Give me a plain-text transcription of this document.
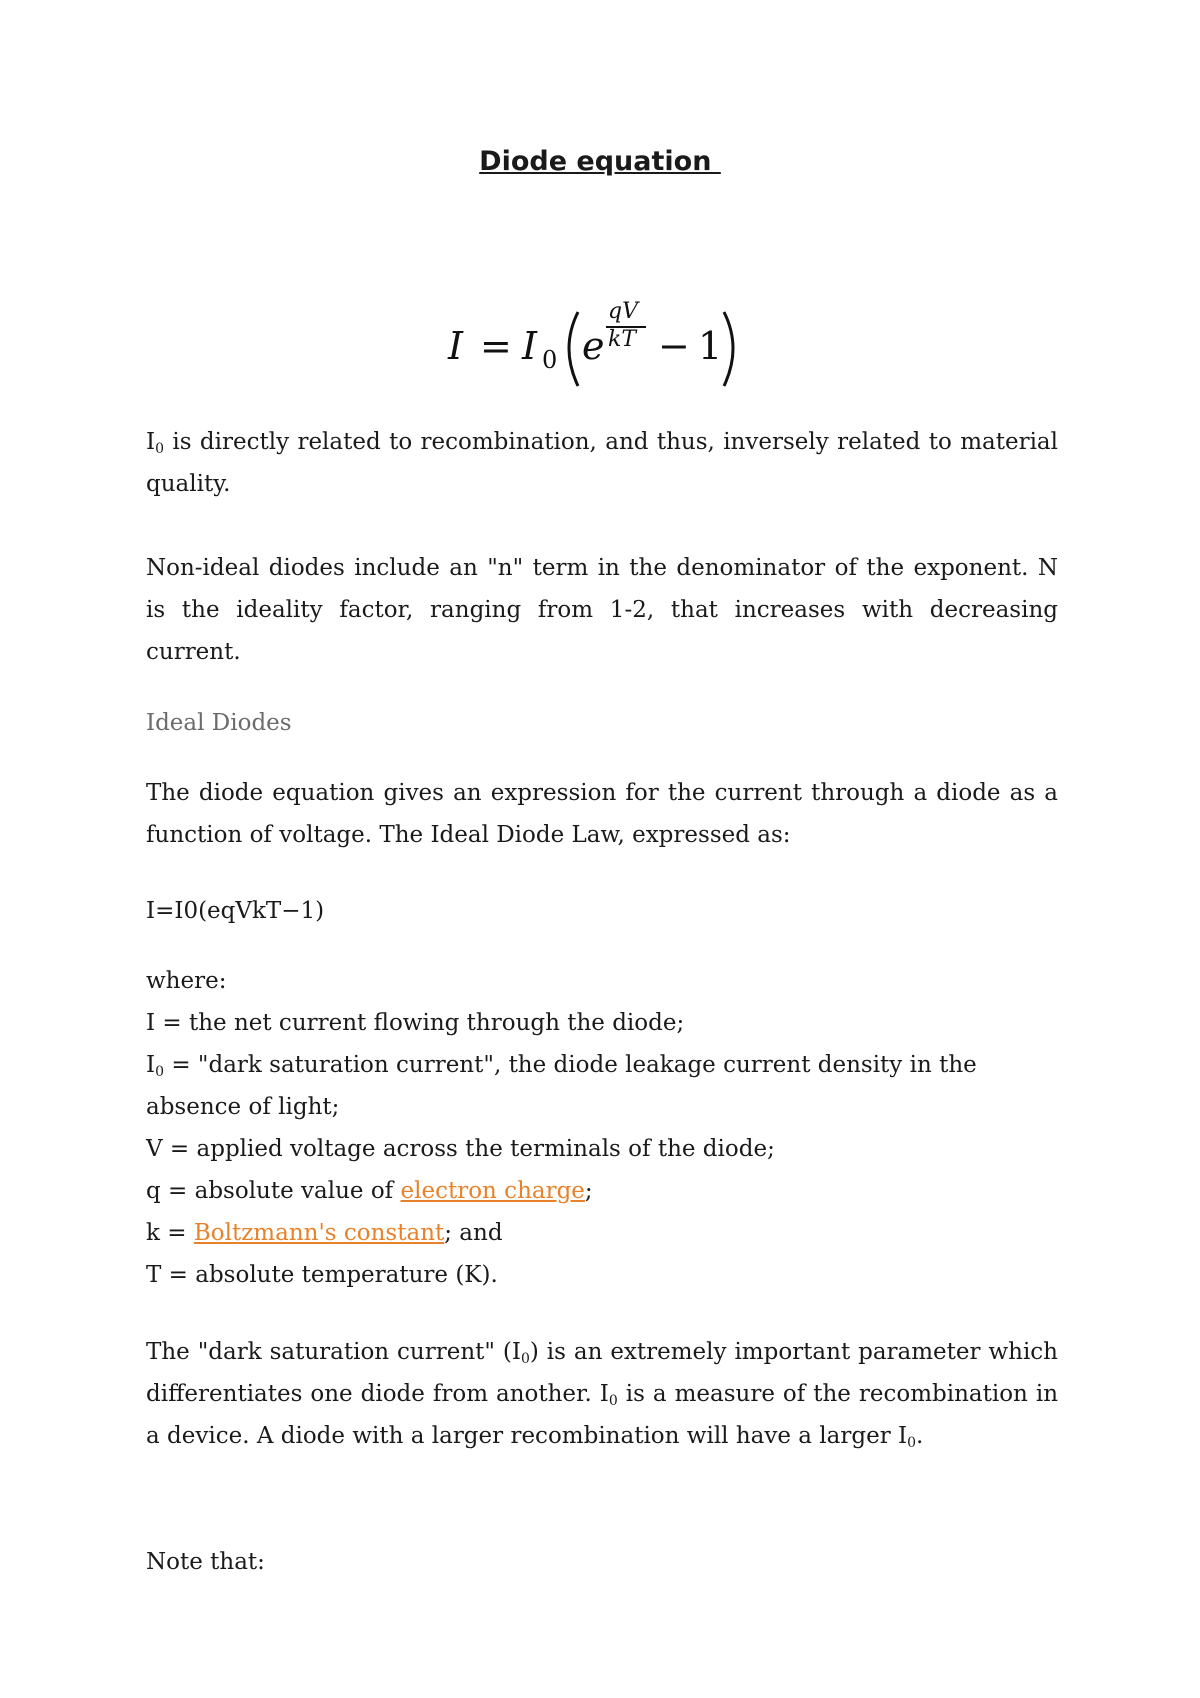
Diode equation
I = I 0 e
qV
kT − 1
$I_0$ is directly related to recombination, and thus, inversely related to material quality.
Non-ideal diodes include an "n" term in the denominator of the exponent. N is the ideality factor, ranging from 1-2, that increases with decreasing current.
Ideal Diodes
The diode equation gives an expression for the current through a diode as a function of voltage. The Ideal Diode Law, expressed as:
I=I0(eqVkT−1)
where:
I = the net current flowing through the diode;
$I_0$ = "dark saturation current", the diode leakage current density in the absence of light;
V = applied voltage across the terminals of the diode;
q = absolute value of electron charge;
k = Boltzmann's constant; and
T = absolute temperature (K).
The "dark saturation current" $(I_0)$ is an extremely important parameter which differentiates one diode from another. $I_0$ is a measure of the recombination in a device. A diode with a larger recombination will have a larger $I_0$.
Note that:
